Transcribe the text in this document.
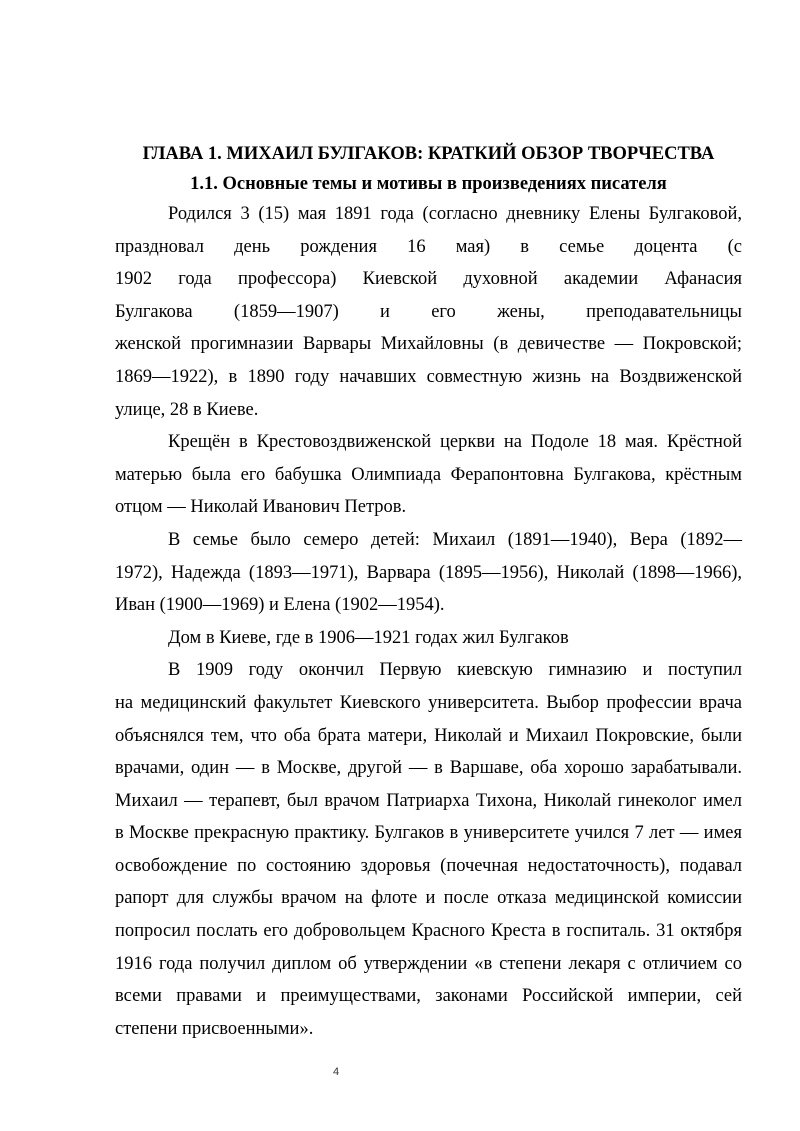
ГЛАВА 1. МИХАИЛ БУЛГАКОВ: КРАТКИЙ ОБЗОР ТВОРЧЕСТВА
1.1. Основные темы и мотивы в произведениях писателя

Родился 3 (15) мая 1891 года (согласно дневнику Елены Булгаковой,
праздновал день рождения 16 мая) в семье доцента (с
1902 года профессора) Киевской духовной академии Афанасия
Булгакова (1859—1907) и его жены, преподавательницы
женской прогимназии Варвары Михайловны (в девичестве — Покровской;
1869—1922), в 1890 году начавших совместную жизнь на Воздвиженской
улице, 28 в Киеве.

Крещён в Крестовоздвиженской церкви на Подоле 18 мая. Крёстной
матерью была его бабушка Олимпиада Ферапонтовна Булгакова, крёстным
отцом — Николай Иванович Петров.

В семье было семеро детей: Михаил (1891—1940), Вера (1892—
1972), Надежда (1893—1971), Варвара (1895—1956), Николай (1898—1966),
Иван (1900—1969) и Елена (1902—1954).

Дом в Киеве, где в 1906—1921 годах жил Булгаков

В 1909 году окончил Первую киевскую гимназию и поступил
на медицинский факультет Киевского университета. Выбор профессии врача
объяснялся тем, что оба брата матери, Николай и Михаил Покровские, были
врачами, один — в Москве, другой — в Варшаве, оба хорошо зарабатывали.
Михаил — терапевт, был врачом Патриарха Тихона, Николай гинеколог имел
в Москве прекрасную практику. Булгаков в университете учился 7 лет — имея
освобождение по состоянию здоровья (почечная недостаточность), подавал
рапорт для службы врачом на флоте и после отказа медицинской комиссии
попросил послать его добровольцем Красного Креста в госпиталь. 31 октября
1916 года получил диплом об утверждении «в степени лекаря с отличием со
всеми правами и преимуществами, законами Российской империи, сей
степени присвоенными».

4
